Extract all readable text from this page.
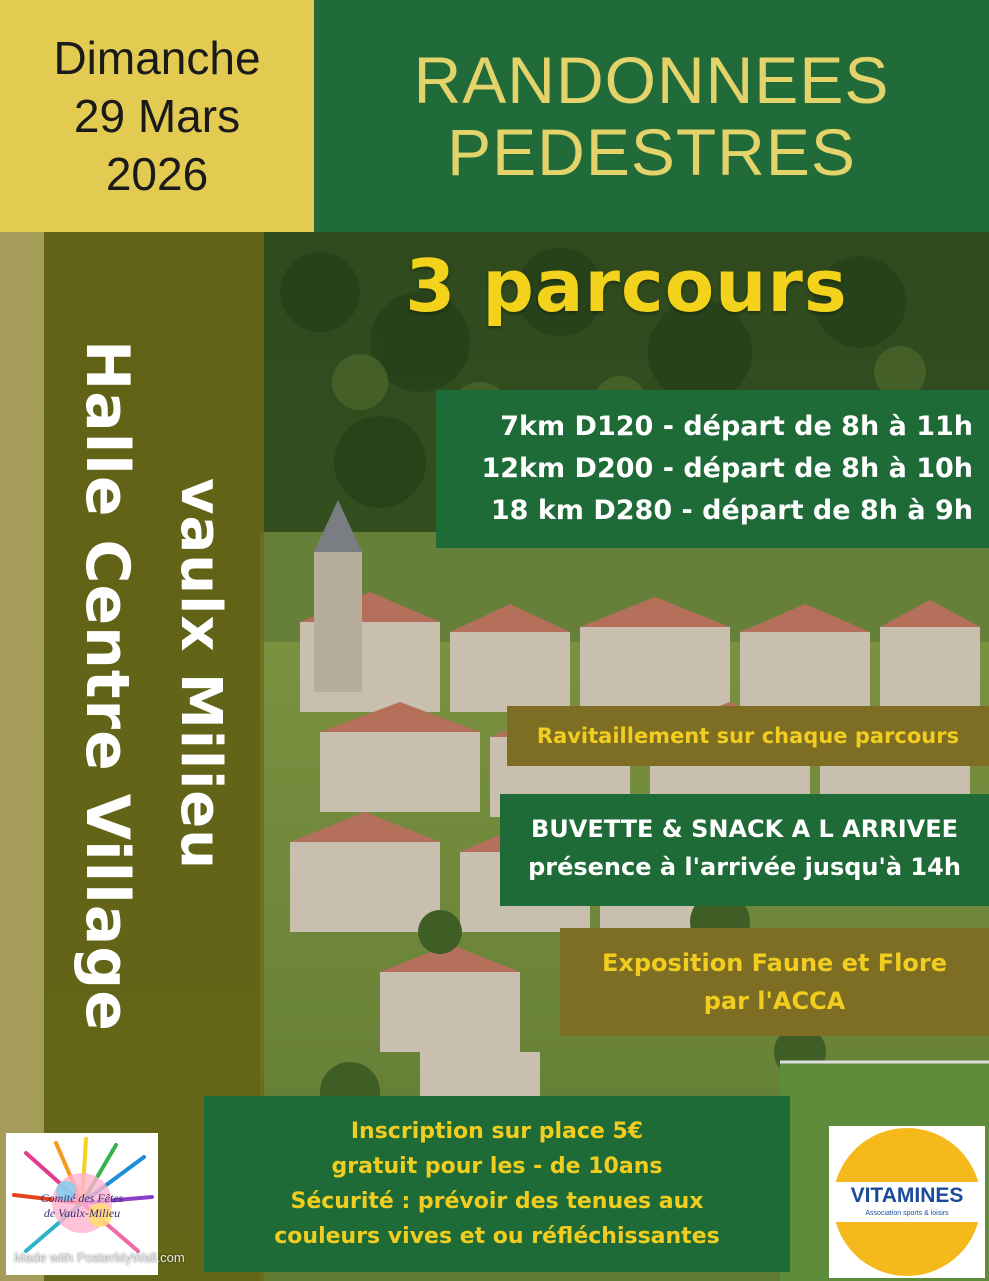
Dimanche
29 Mars
2026
RANDONNEES
PEDESTRES
Halle Centre Village vaulx Milieu
3 parcours
7km D120 - départ de 8h à 11h
12km D200 - départ de 8h à 10h
18 km D280 - départ de 8h à 9h
Ravitaillement sur chaque parcours
BUVETTE & SNACK A L ARRIVEE
présence à l'arrivée jusqu'à 14h
Exposition Faune et Flore
par l'ACCA
Inscription sur place 5€
gratuit pour les - de 10ans
Sécurité : prévoir des tenues aux
couleurs vives et ou réfléchissantes
Comité des Fêtes
de Vaulx-Milieu
VITAMINES
Association sports & loisirs
Made with PosterMyWall.com
